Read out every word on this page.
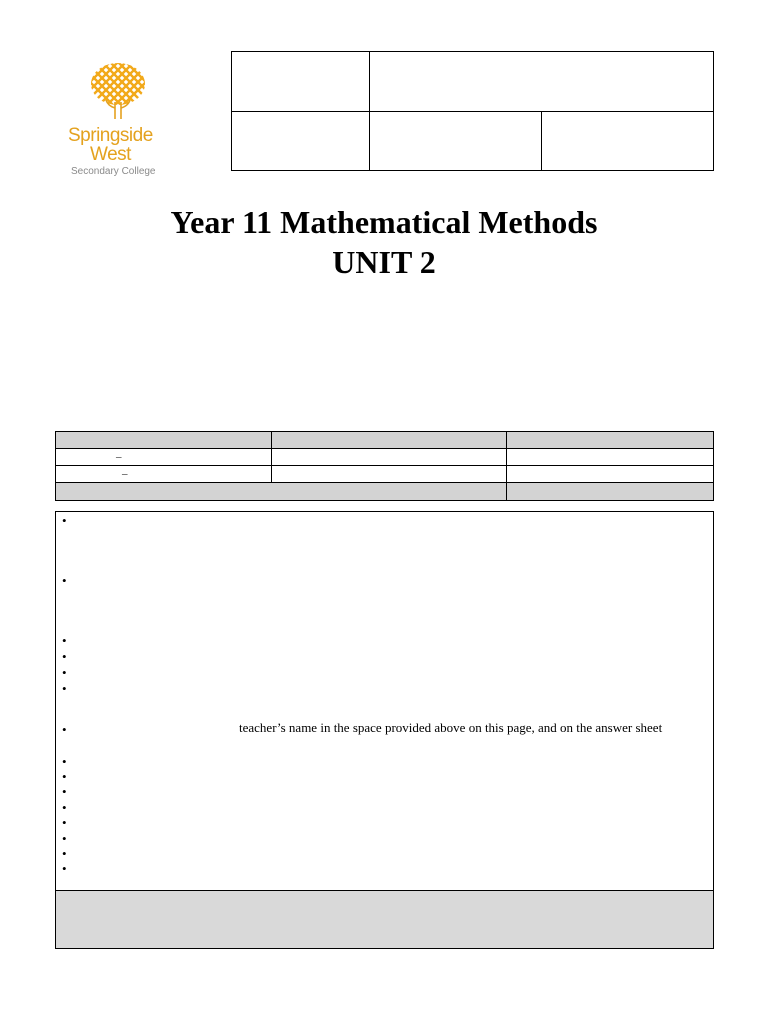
Springside
West
Secondary College

Year 11 Mathematical Methods
UNIT 2

–		
–		

•
•
•
•
•
•
•	teacher’s name in the space provided above on this page, and on the answer sheet
•
•
•
•
•
•
•
•
